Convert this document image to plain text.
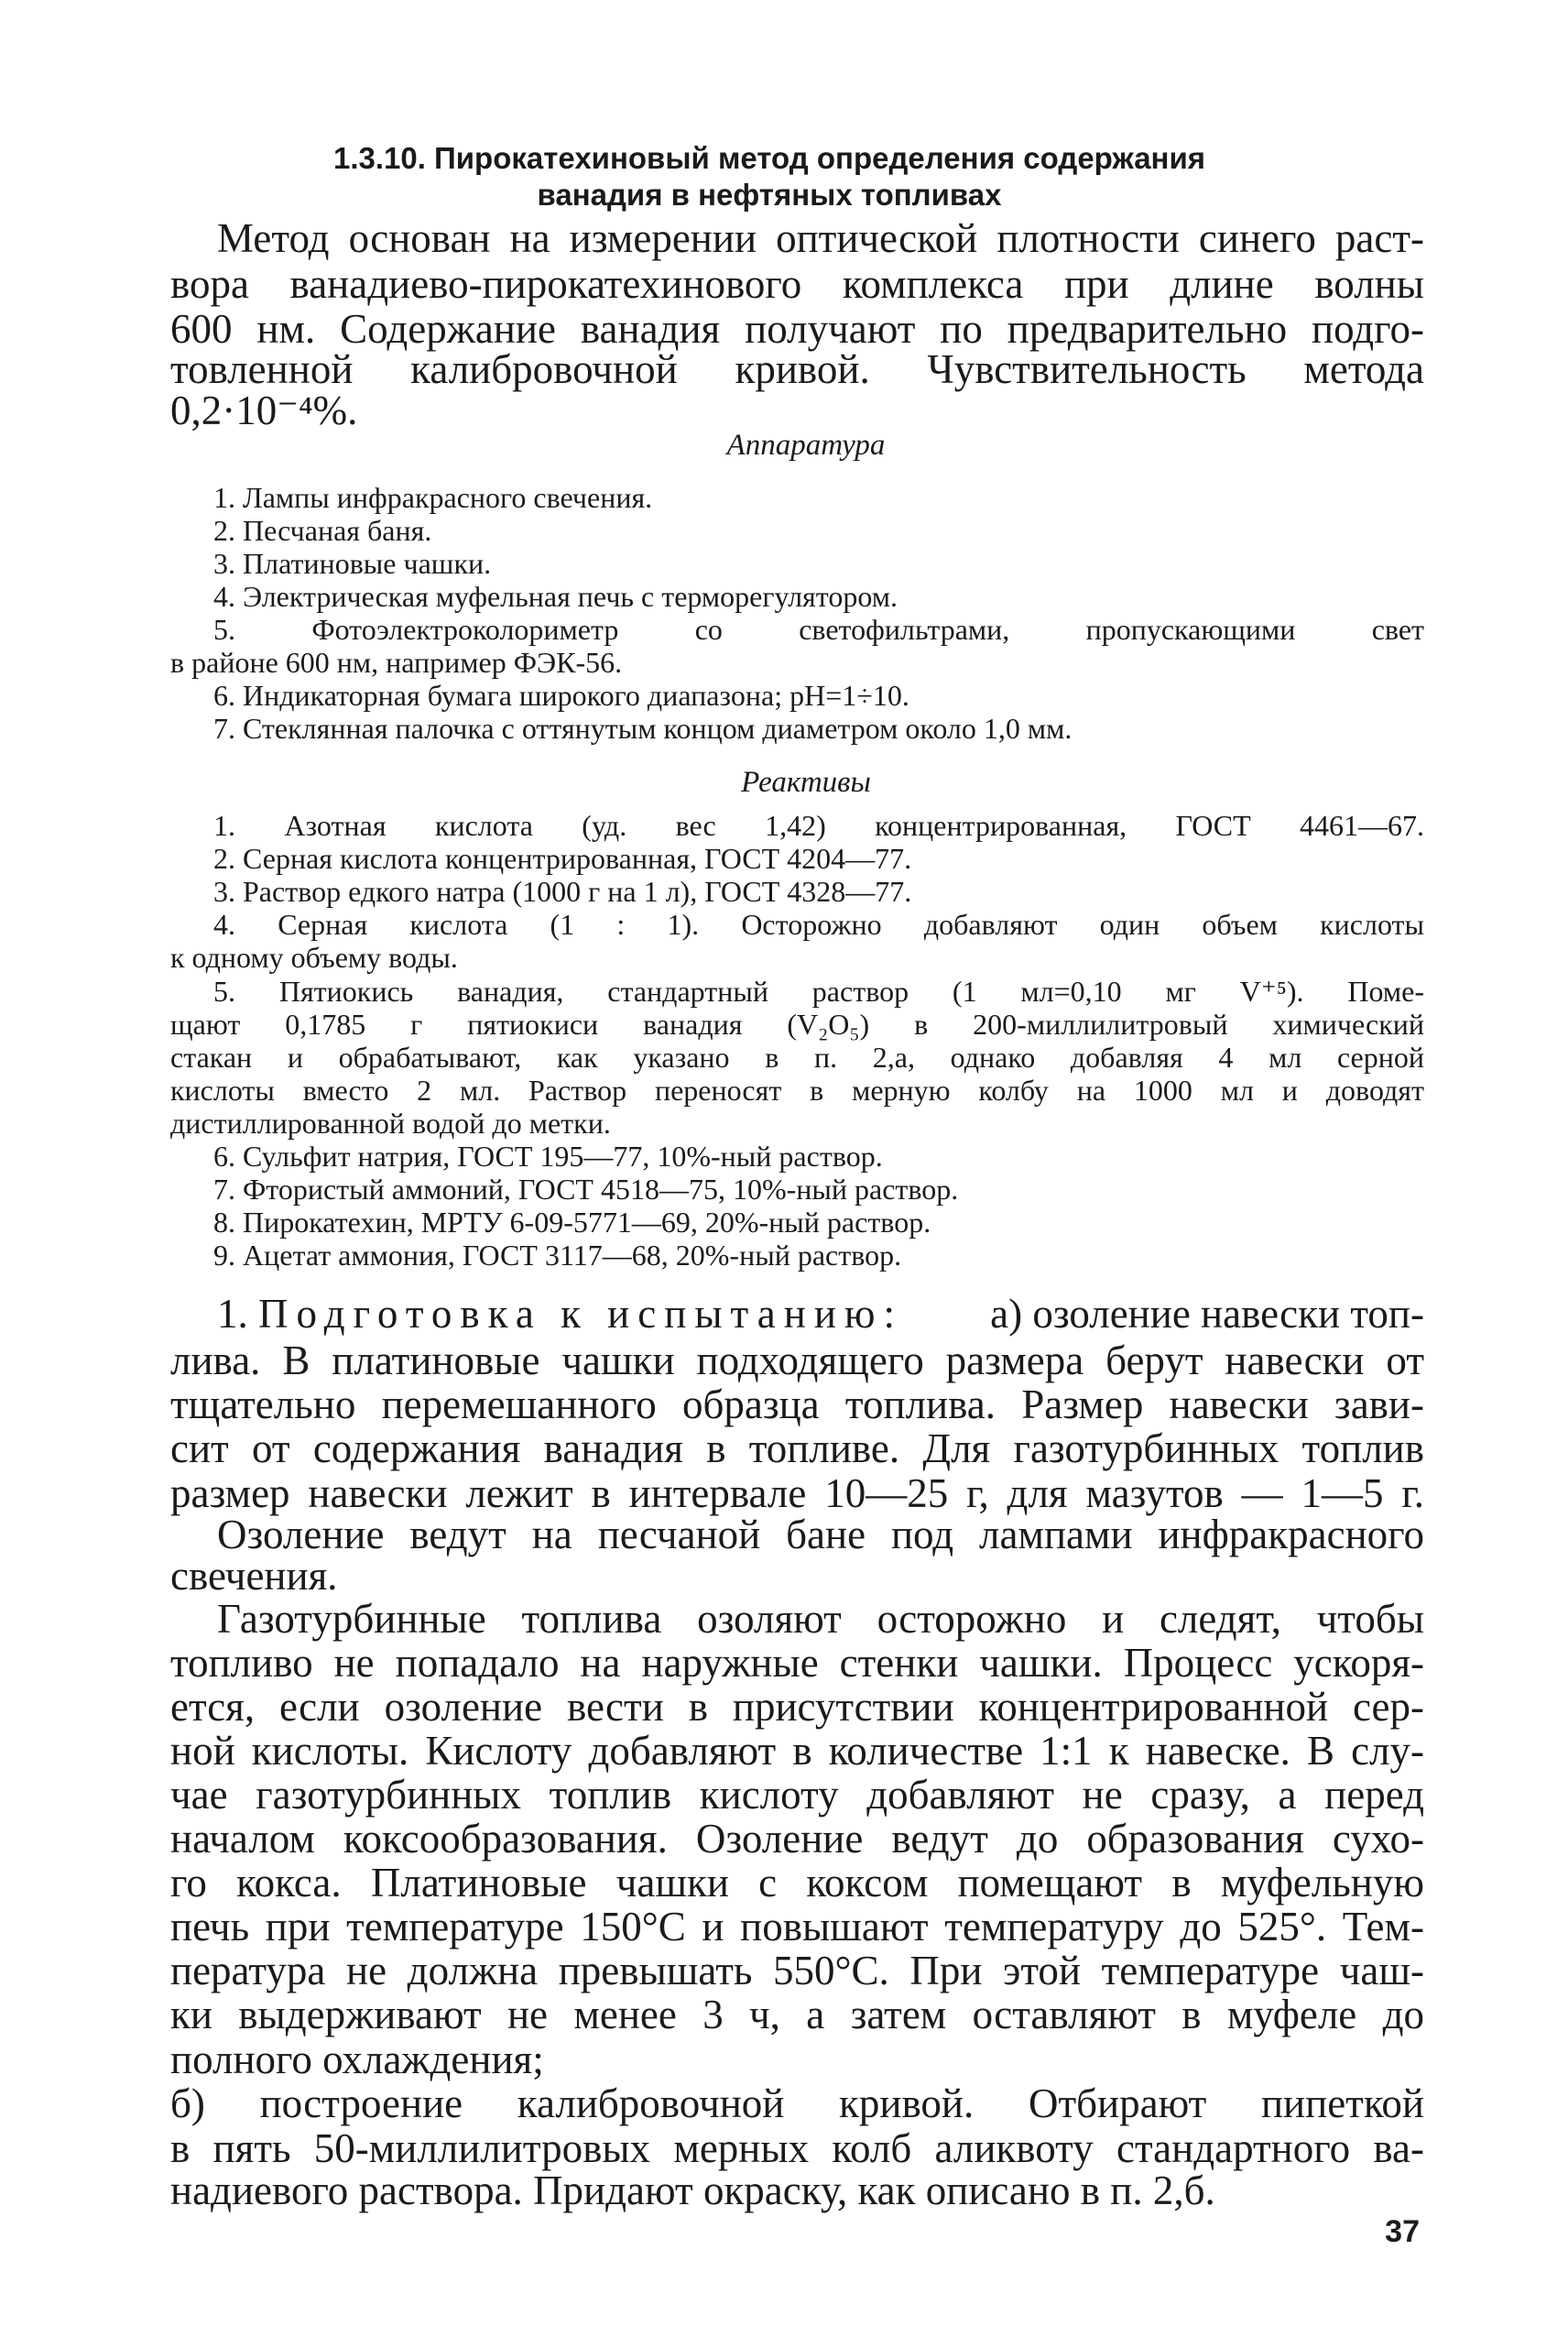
1.3.10. Пирокатехиновый метод определения содержания
ванадия в нефтяных топливах
Метод основан на измерении оптической плотности синего раст-
вора ванадиево-пирокатехинового комплекса при длине волны
600 нм. Содержание ванадия получают по предварительно подго-
товленной калибровочной кривой. Чувствительность метода
0,2·10⁻⁴%.
Аппаратура
1. Лампы инфракрасного свечения.
2. Песчаная баня.
3. Платиновые чашки.
4. Электрическая муфельная печь с терморегулятором.
5. Фотоэлектроколориметр со светофильтрами, пропускающими свет
в районе 600 нм, например ФЭК-56.
6. Индикаторная бумага широкого диапазона; pH=1÷10.
7. Стеклянная палочка с оттянутым концом диаметром около 1,0 мм.
Реактивы
1. Азотная кислота (уд. вес 1,42) концентрированная, ГОСТ 4461—67.
2. Серная кислота концентрированная, ГОСТ 4204—77.
3. Раствор едкого натра (1000 г на 1 л), ГОСТ 4328—77.
4. Серная кислота (1 : 1). Осторожно добавляют один объем кислоты
к одному объему воды.
5. Пятиокись ванадия, стандартный раствор (1 мл=0,10 мг V⁺⁵). Поме-
щают 0,1785 г пятиокиси ванадия (V₂O₅) в 200-миллилитровый химический
стакан и обрабатывают, как указано в п. 2,а, однако добавляя 4 мл серной
кислоты вместо 2 мл. Раствор переносят в мерную колбу на 1000 мл и доводят
дистиллированной водой до метки.
6. Сульфит натрия, ГОСТ 195—77, 10%-ный раствор.
7. Фтористый аммоний, ГОСТ 4518—75, 10%-ный раствор.
8. Пирокатехин, МРТУ 6-09-5771—69, 20%-ный раствор.
9. Ацетат аммония, ГОСТ 3117—68, 20%-ный раствор.
1. Подготовка к испытанию: а) озоление навески топ-
лива. В платиновые чашки подходящего размера берут навески от
тщательно перемешанного образца топлива. Размер навески зави-
сит от содержания ванадия в топливе. Для газотурбинных топлив
размер навески лежит в интервале 10—25 г, для мазутов — 1—5 г.
Озоление ведут на песчаной бане под лампами инфракрасного
свечения.
Газотурбинные топлива озоляют осторожно и следят, чтобы
топливо не попадало на наружные стенки чашки. Процесс ускоря-
ется, если озоление вести в присутствии концентрированной сер-
ной кислоты. Кислоту добавляют в количестве 1:1 к навеске. В слу-
чае газотурбинных топлив кислоту добавляют не сразу, а перед
началом коксообразования. Озоление ведут до образования сухо-
го кокса. Платиновые чашки с коксом помещают в муфельную
печь при температуре 150°С и повышают температуру до 525°. Тем-
пература не должна превышать 550°С. При этой температуре чаш-
ки выдерживают не менее 3 ч, а затем оставляют в муфеле до
полного охлаждения;
б) построение калибровочной кривой. Отбирают пипеткой
в пять 50-миллилитровых мерных колб аликвоту стандартного ва-
надиевого раствора. Придают окраску, как описано в п. 2,б.
37
